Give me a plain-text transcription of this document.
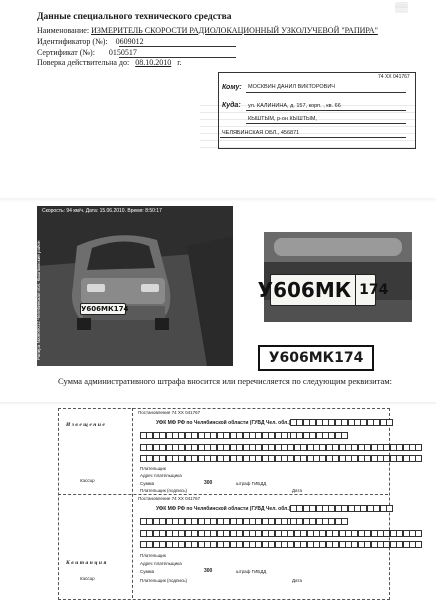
Данные специального технического средства
Наименование: ИЗМЕРИТЕЛЬ СКОРОСТИ РАДИОЛОКАЦИОННЫЙ УЗКОЛУЧЕВОЙ "РАПИРА"
Идентификатор (№): 0609012
Сертификат (№): 0150517
Поверка действительна до: 08.10.2010 г.
▒▒
74 ХХ 041767
Кому: МОСКВИН ДАНИЛ ВИКТОРОВИЧ
Куда: ул. КАЛИНИНА, д. 157, корп. , кв. 66
КЫШТЫМ, р-он КЫШТЫМ,
ЧЕЛЯБИНСКАЯ ОБЛ., 456871
Скорость: 94 км/ч. Дата: 15.06.2010. Время: 8:50:17
Рапира №0609012 Челябинская обл. Кыштымский район	У606МК174
У606МК 174
У606МК174
Сумма административного штрафа вносится или перечисляется по следующим реквизитам:
Извещение
Кассир
Постановление 74 ХХ 041767
УФК МФ РФ по Челябинской области (ГУВД Чел. обл.)
Плательщик
Адрес плательщика
Сумма	300	штраф ГИБДД
Плательщик (подпись)	Дата
Постановление 74 ХХ 041767
УФК МФ РФ по Челябинской области (ГУВД Чел. обл.)
Квитанция
Кассир
Плательщик
Адрес плательщика
Сумма	300	штраф ГИБДД
Плательщик (подпись)	Дата
